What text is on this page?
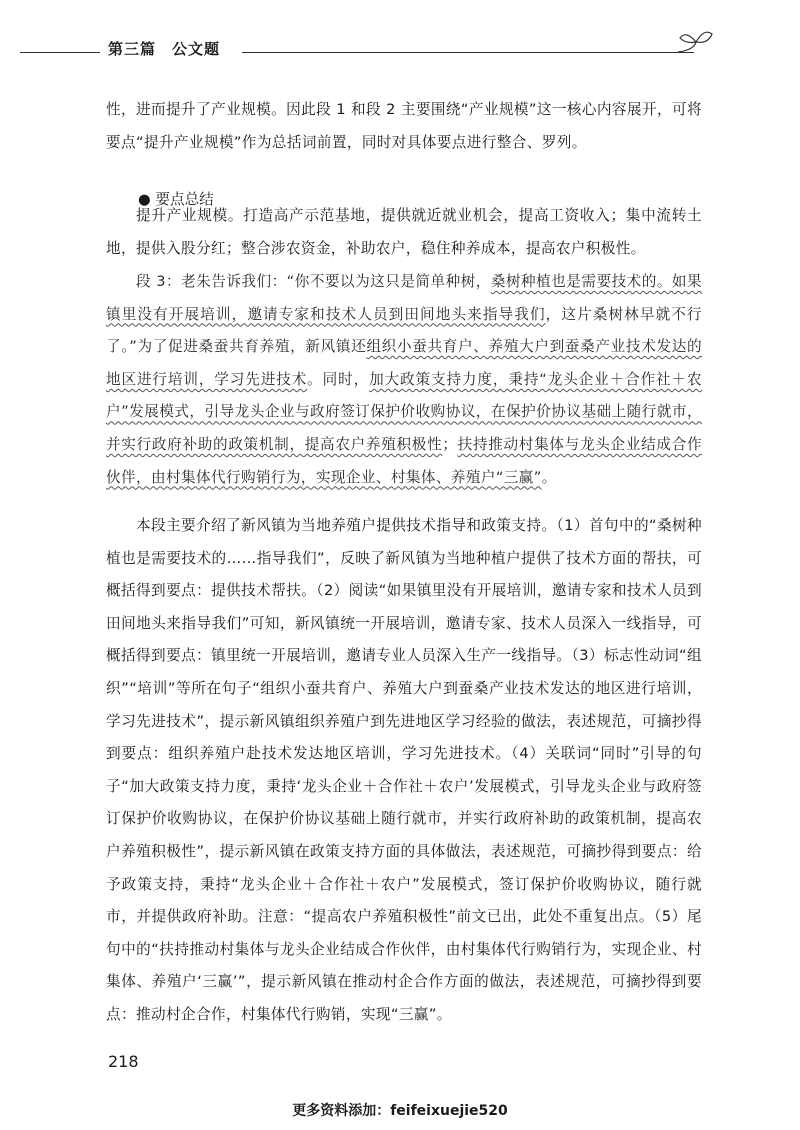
第三篇　公文题
性，进而提升了产业规模。因此段 1 和段 2 主要围绕“产业规模”这一核心内容展开，可将要点“提升产业规模”作为总括词前置，同时对具体要点进行整合、罗列。
● 要点总结
提升产业规模。打造高产示范基地，提供就近就业机会，提高工资收入；集中流转土地，提供入股分红；整合涉农资金，补助农户，稳住种养成本，提高农户积极性。
段 3：老朱告诉我们：“你不要以为这只是简单种树，桑树种植也是需要技术的。如果镇里没有开展培训，邀请专家和技术人员到田间地头来指导我们，这片桑树林早就不行了。”为了促进桑蚕共育养殖，新风镇还组织小蚕共育户、养殖大户到蚕桑产业技术发达的地区进行培训，学习先进技术。同时，加大政策支持力度，秉持“龙头企业＋合作社＋农户”发展模式，引导龙头企业与政府签订保护价收购协议，在保护价协议基础上随行就市，并实行政府补助的政策机制，提高农户养殖积极性；扶持推动村集体与龙头企业结成合作伙伴，由村集体代行购销行为，实现企业、村集体、养殖户“三赢”。
本段主要介绍了新风镇为当地养殖户提供技术指导和政策支持。（1）首句中的“桑树种植也是需要技术的……指导我们”，反映了新风镇为当地种植户提供了技术方面的帮扶，可概括得到要点：提供技术帮扶。（2）阅读“如果镇里没有开展培训，邀请专家和技术人员到田间地头来指导我们”可知，新风镇统一开展培训，邀请专家、技术人员深入一线指导，可概括得到要点：镇里统一开展培训，邀请专业人员深入生产一线指导。（3）标志性动词“组织”“培训”等所在句子“组织小蚕共育户、养殖大户到蚕桑产业技术发达的地区进行培训，学习先进技术”，提示新风镇组织养殖户到先进地区学习经验的做法，表述规范，可摘抄得到要点：组织养殖户赴技术发达地区培训，学习先进技术。（4）关联词“同时”引导的句子“加大政策支持力度，秉持‘龙头企业＋合作社＋农户’发展模式，引导龙头企业与政府签订保护价收购协议，在保护价协议基础上随行就市，并实行政府补助的政策机制，提高农户养殖积极性”，提示新风镇在政策支持方面的具体做法，表述规范，可摘抄得到要点：给予政策支持，秉持“龙头企业＋合作社＋农户”发展模式，签订保护价收购协议，随行就市，并提供政府补助。注意：“提高农户养殖积极性”前文已出，此处不重复出点。（5）尾句中的“扶持推动村集体与龙头企业结成合作伙伴，由村集体代行购销行为，实现企业、村集体、养殖户‘三赢’”，提示新风镇在推动村企合作方面的做法，表述规范，可摘抄得到要点：推动村企合作，村集体代行购销，实现“三赢”。
218
更多资料添加：feifeixuejie520
